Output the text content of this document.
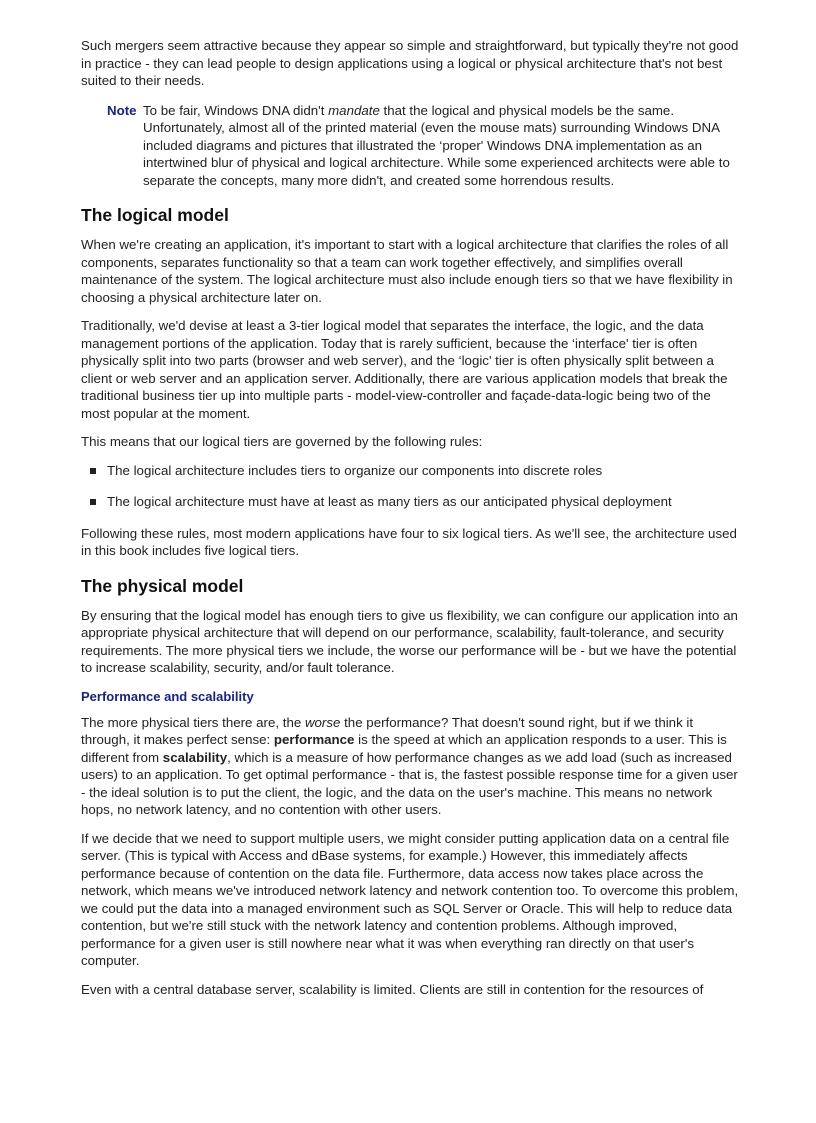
Such mergers seem attractive because they appear so simple and straightforward, but typically they're not good in practice - they can lead people to design applications using a logical or physical architecture that's not best suited to their needs.

Note To be fair, Windows DNA didn't mandate that the logical and physical models be the same. Unfortunately, almost all of the printed material (even the mouse mats) surrounding Windows DNA included diagrams and pictures that illustrated the ‘proper' Windows DNA implementation as an intertwined blur of physical and logical architecture. While some experienced architects were able to separate the concepts, many more didn't, and created some horrendous results.
The logical model

When we're creating an application, it's important to start with a logical architecture that clarifies the roles of all components, separates functionality so that a team can work together effectively, and simplifies overall maintenance of the system. The logical architecture must also include enough tiers so that we have flexibility in choosing a physical architecture later on.

Traditionally, we'd devise at least a 3-tier logical model that separates the interface, the logic, and the data management portions of the application. Today that is rarely sufficient, because the ‘interface' tier is often physically split into two parts (browser and web server), and the ‘logic' tier is often physically split between a client or web server and an application server. Additionally, there are various application models that break the traditional business tier up into multiple parts - model-view-controller and façade-data-logic being two of the most popular at the moment.

This means that our logical tiers are governed by the following rules:

The logical architecture includes tiers to organize our components into discrete roles
The logical architecture must have at least as many tiers as our anticipated physical deployment

Following these rules, most modern applications have four to six logical tiers. As we'll see, the architecture used in this book includes five logical tiers.

The physical model

By ensuring that the logical model has enough tiers to give us flexibility, we can configure our application into an appropriate physical architecture that will depend on our performance, scalability, fault-tolerance, and security requirements. The more physical tiers we include, the worse our performance will be - but we have the potential to increase scalability, security, and/or fault tolerance.

Performance and scalability

The more physical tiers there are, the worse the performance? That doesn't sound right, but if we think it through, it makes perfect sense: performance is the speed at which an application responds to a user. This is different from scalability, which is a measure of how performance changes as we add load (such as increased users) to an application. To get optimal performance - that is, the fastest possible response time for a given user - the ideal solution is to put the client, the logic, and the data on the user's machine. This means no network hops, no network latency, and no contention with other users.

If we decide that we need to support multiple users, we might consider putting application data on a central file server. (This is typical with Access and dBase systems, for example.) However, this immediately affects performance because of contention on the data file. Furthermore, data access now takes place across the network, which means we've introduced network latency and network contention too. To overcome this problem, we could put the data into a managed environment such as SQL Server or Oracle. This will help to reduce data contention, but we're still stuck with the network latency and contention problems. Although improved, performance for a given user is still nowhere near what it was when everything ran directly on that user's computer.

Even with a central database server, scalability is limited. Clients are still in contention for the resources of
